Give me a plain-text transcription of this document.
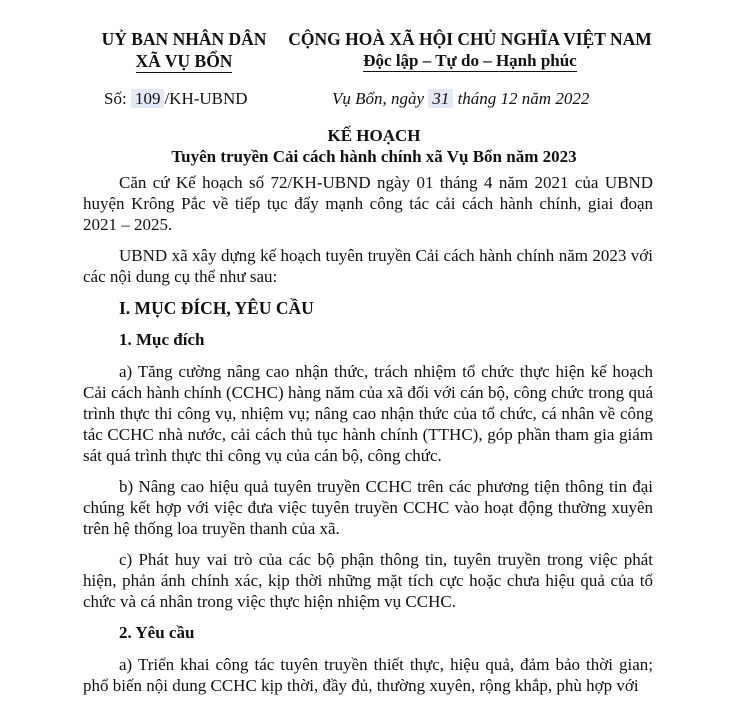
UỶ BAN NHÂN DÂN
XÃ VỤ BỔN
CỘNG HOÀ XÃ HỘI CHỦ NGHĨA VIỆT NAM
Độc lập – Tự do – Hạnh phúc
Số: 109 /KH-UBND	Vụ Bổn, ngày 31 tháng 12 năm 2022
KẾ HOẠCH
Tuyên truyền Cải cách hành chính xã Vụ Bổn năm 2023

Căn cứ Kế hoạch số 72/KH-UBND ngày 01 tháng 4 năm 2021 của UBND huyện Krông Pắc về tiếp tục đẩy mạnh công tác cải cách hành chính, giai đoạn 2021 – 2025.

UBND xã xây dựng kế hoạch tuyên truyền Cải cách hành chính năm 2023 với các nội dung cụ thể như sau:

I. MỤC ĐÍCH, YÊU CẦU
1. Mục đích

a) Tăng cường nâng cao nhận thức, trách nhiệm tổ chức thực hiện kế hoạch Cải cách hành chính (CCHC) hàng năm của xã đối với cán bộ, công chức trong quá trình thực thi công vụ, nhiệm vụ; nâng cao nhận thức của tổ chức, cá nhân về công tác CCHC nhà nước, cải cách thủ tục hành chính (TTHC), góp phần tham gia giám sát quá trình thực thi công vụ của cán bộ, công chức.

b) Nâng cao hiệu quả tuyên truyền CCHC trên các phương tiện thông tin đại chúng kết hợp với việc đưa việc tuyên truyền CCHC vào hoạt động thường xuyên trên hệ thống loa truyền thanh của xã.

c) Phát huy vai trò của các bộ phận thông tin, tuyên truyền trong việc phát hiện, phản ánh chính xác, kịp thời những mặt tích cực hoặc chưa hiệu quả của tổ chức và cá nhân trong việc thực hiện nhiệm vụ CCHC.

2. Yêu cầu

a) Triển khai công tác tuyên truyền thiết thực, hiệu quả, đảm bảo thời gian; phổ biến nội dung CCHC kịp thời, đầy đủ, thường xuyên, rộng khắp, phù hợp với
